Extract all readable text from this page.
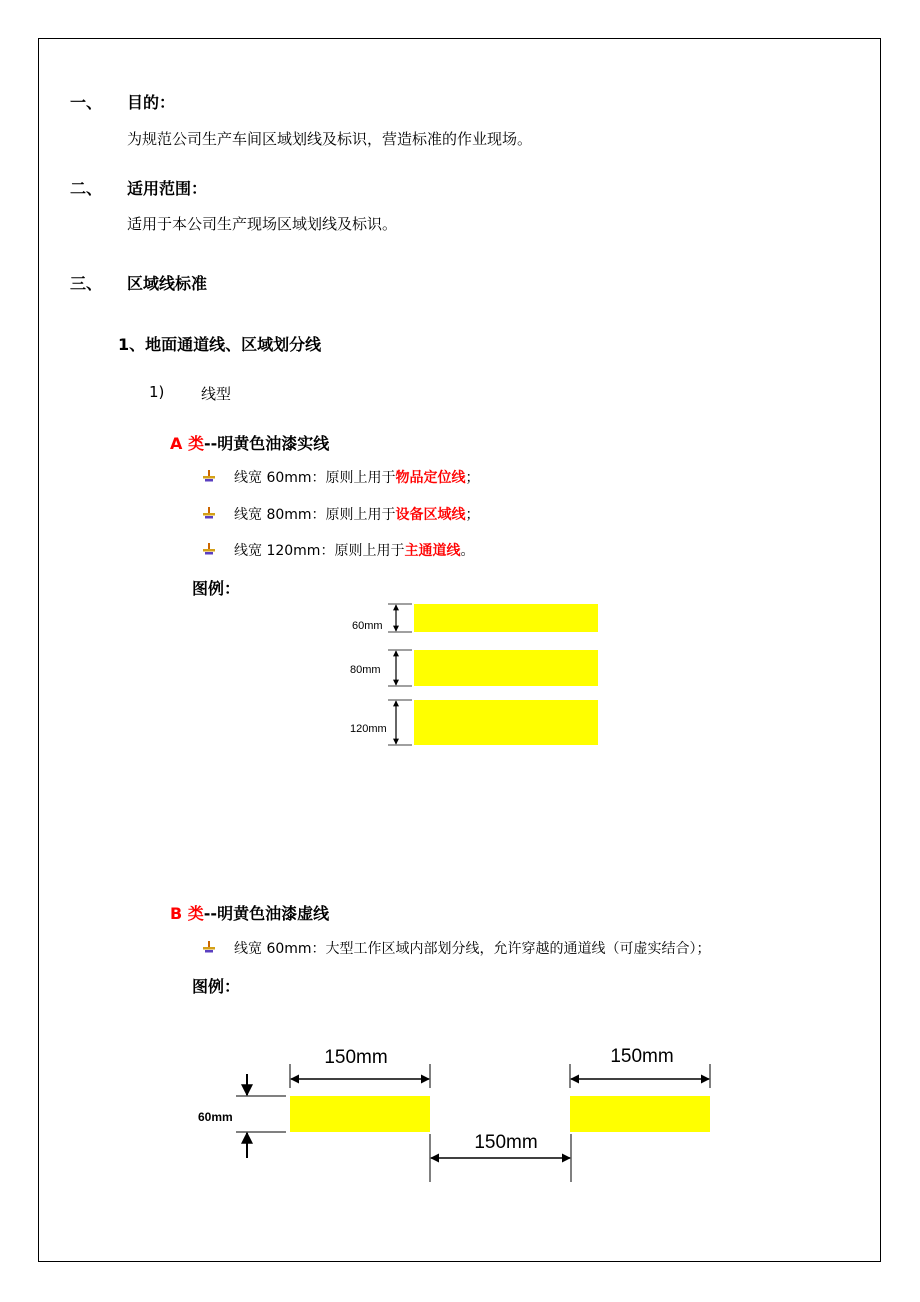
一、 目的：
为规范公司生产车间区域划线及标识，营造标准的作业现场。
二、 适用范围：
适用于本公司生产现场区域划线及标识。
三、 区域线标准
1、地面通道线、区域划分线
1) 线型
A 类--明黄色油漆实线
线宽 60mm：原则上用于物品定位线；
线宽 80mm：原则上用于设备区域线；
线宽 120mm：原则上用于主通道线。
图例：
60mm
80mm
120mm
B 类--明黄色油漆虚线
线宽 60mm：大型工作区域内部划分线，允许穿越的通道线（可虚实结合）；
图例：
150mm	150mm
150mm
60mm
